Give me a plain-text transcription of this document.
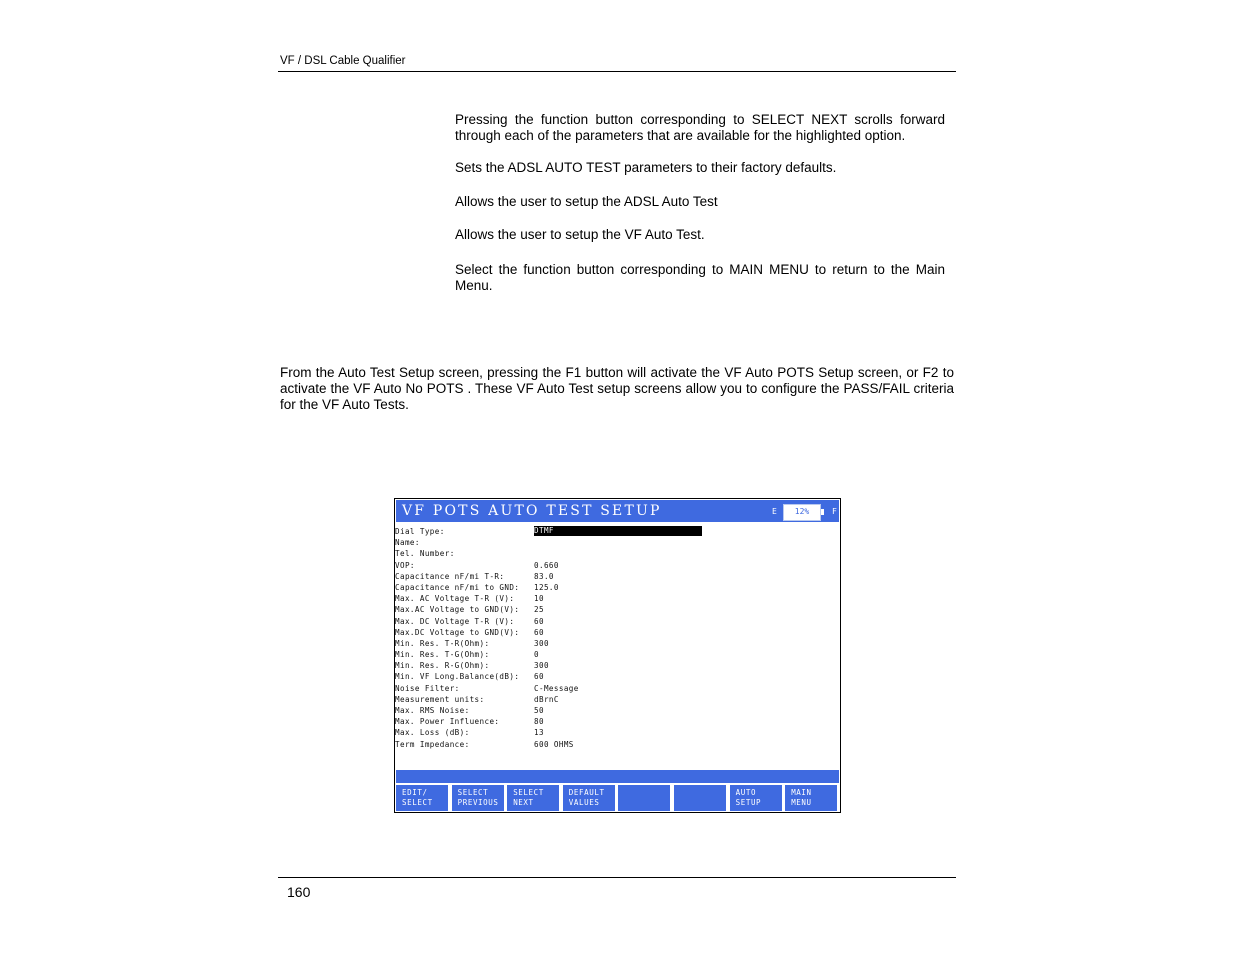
VF / DSL Cable Qualifier
Pressing the function button corresponding to SELECT NEXT scrolls forward through each of the parameters that are available for the highlighted option.
Sets the ADSL AUTO TEST parameters to their factory defaults.
Allows the user to setup the ADSL Auto Test
Allows the user to setup the VF Auto Test.
Select the function button corresponding to MAIN MENU to return to the Main Menu.
From the Auto Test Setup screen, pressing the F1 button will activate the VF Auto POTS Setup screen, or F2 to activate the VF Auto No POTS . These VF Auto Test setup screens allow you to configure the PASS/FAIL criteria for the VF Auto Tests.
VF POTS AUTO TEST SETUP	E	12%	F
Dial Type:	DTMF
Name:
Tel. Number:
VOP:	0.660
Capacitance nF/mi T-R:	83.0
Capacitance nF/mi to GND: 125.0
Max. AC Voltage T-R (V):	10
Max.AC Voltage to GND(V): 25
Max. DC Voltage T-R (V):	60
Max.DC Voltage to GND(V): 60
Min. Res. T-R(Ohm):	300
Min. Res. T-G(Ohm):	0
Min. Res. R-G(Ohm):	300
Min. VF Long.Balance(dB): 60
Noise Filter:	C-Message
Measurement units:	dBrnC
Max. RMS Noise:	50
Max. Power Influence:	80
Max. Loss (dB):	13
Term Impedance:	600 OHMS
EDIT/
SELECT
SELECT
PREVIOUS
SELECT
NEXT
DEFAULT
VALUES
AUTO
SETUP
MAIN
MENU
160
